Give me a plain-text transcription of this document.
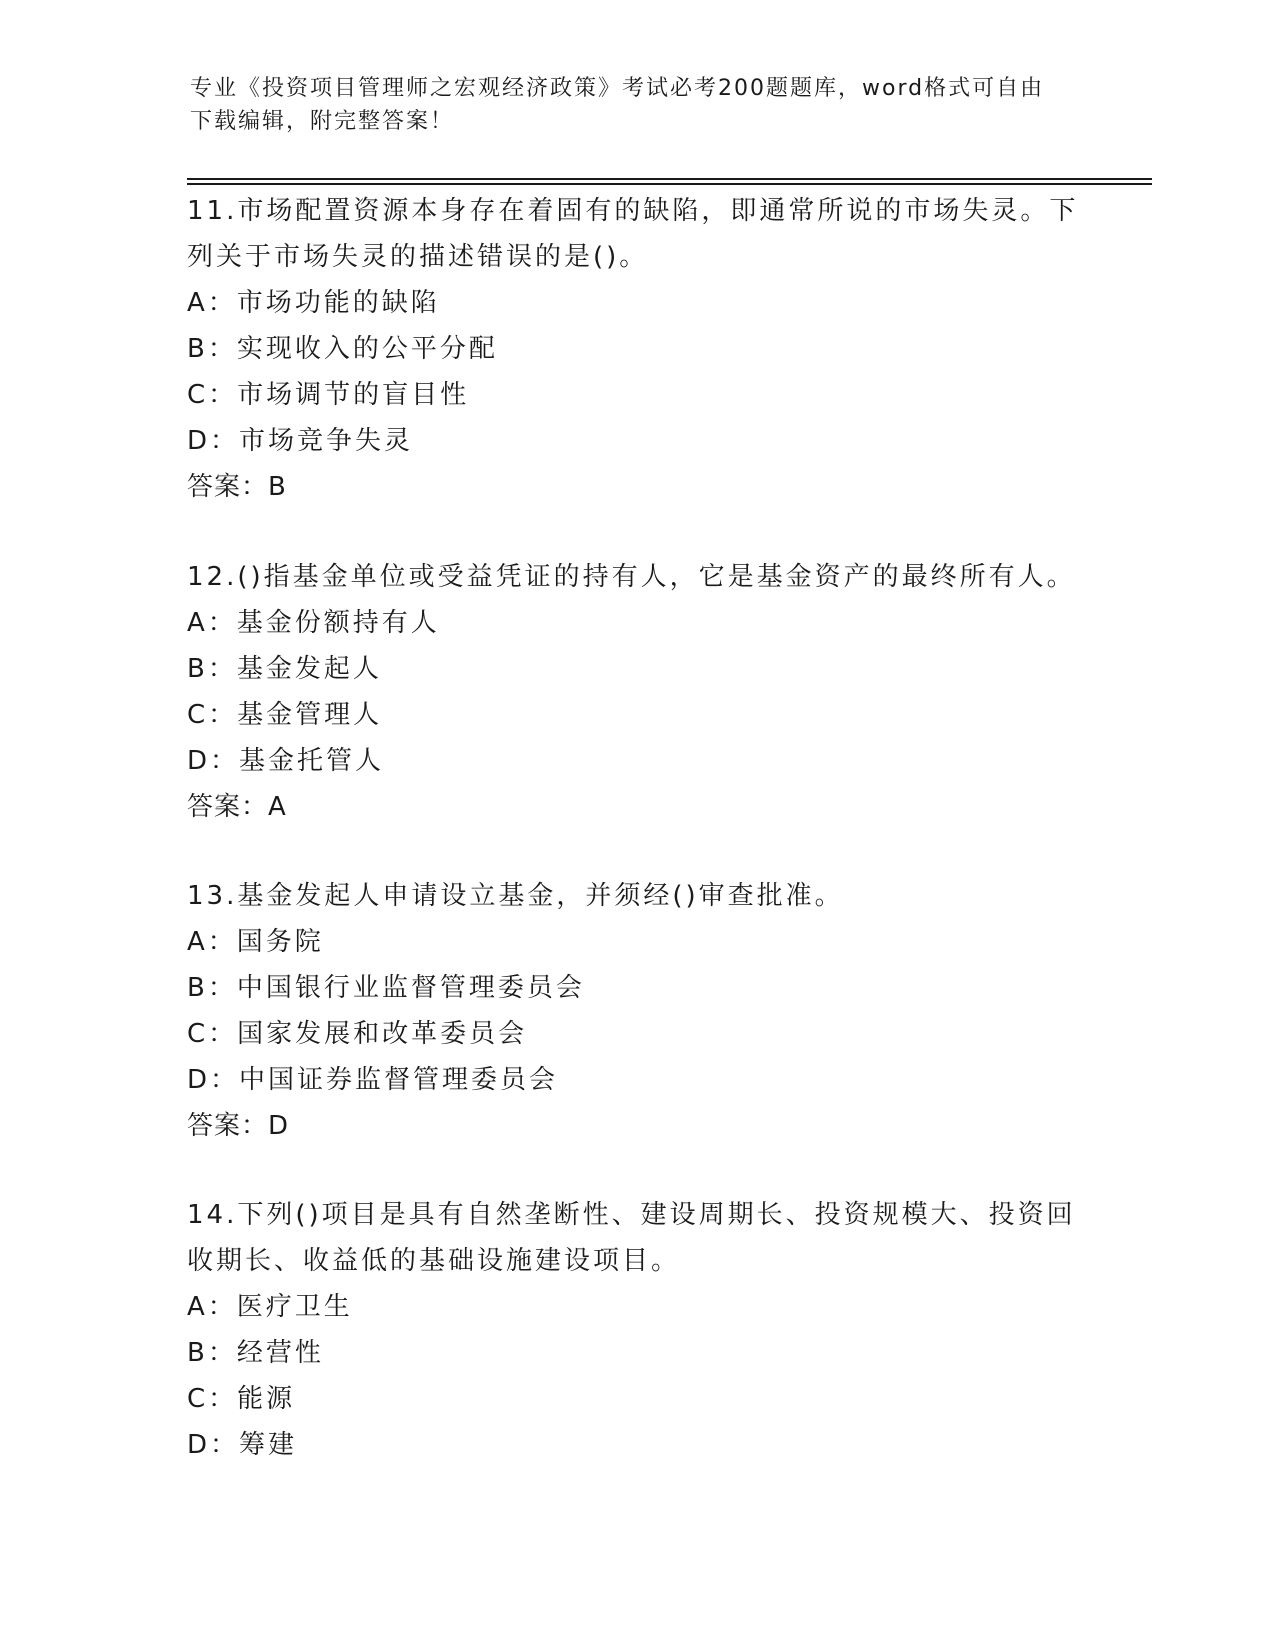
专业《投资项目管理师之宏观经济政策》考试必考200题题库，word格式可自由
下载编辑，附完整答案！

11.市场配置资源本身存在着固有的缺陷，即通常所说的市场失灵。下

列关于市场失灵的描述错误的是()。

A：市场功能的缺陷

B：实现收入的公平分配

C：市场调节的盲目性

D：市场竞争失灵

答案：B

12.()指基金单位或受益凭证的持有人，它是基金资产的最终所有人。

A：基金份额持有人

B：基金发起人

C：基金管理人

D：基金托管人

答案：A

13.基金发起人申请设立基金，并须经()审查批准。

A：国务院

B：中国银行业监督管理委员会

C：国家发展和改革委员会

D：中国证券监督管理委员会

答案：D

14.下列()项目是具有自然垄断性、建设周期长、投资规模大、投资回

收期长、收益低的基础设施建设项目。

A：医疗卫生

B：经营性

C：能源

D：筹建
